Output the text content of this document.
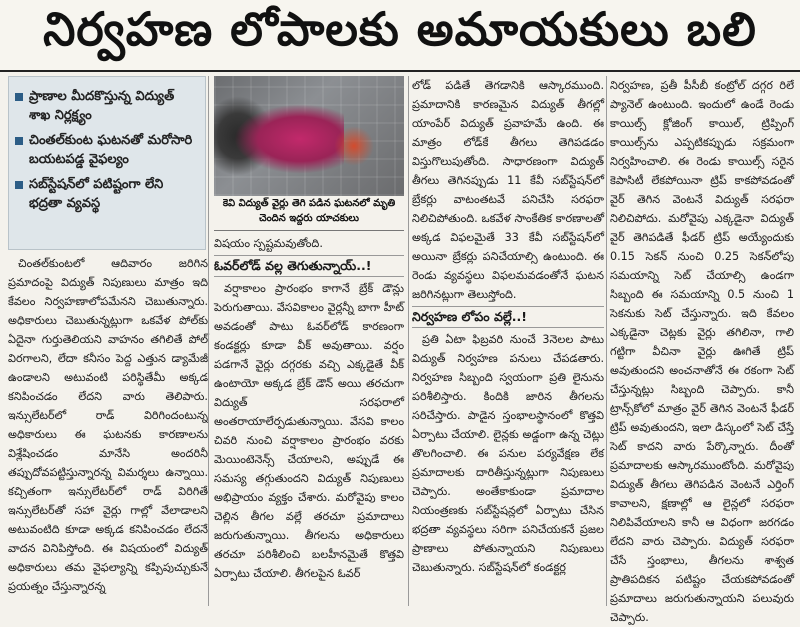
నిర్వహణ లోపాలకు అమాయకులు బలి
ప్రాణాల మీదకొస్తున్న విద్యుత్ శాఖ నిర్లక్ష్యం
చింతల్‌కుంట ఘటనతో మరోసారి బయటపడ్డ వైఫల్యం
సబ్‌స్టేషన్‌లో పటిష్టంగా లేని భద్రతా వ్యవస్థ

చింతల్‌కుంటలో ఆదివారం జరిగిన ప్రమాదంపై విద్యుత్ నిపుణులు మాత్రం ఇది కేవలం నిర్వహణాలోపమేనని చెబుతున్నారు. అధికారులు చెబుతున్నట్లుగా ఒకవేళ పోల్‌కు ఏదైనా గుర్తుతెలియని వాహనం తగిలితే పోల్ విరగాలని, లేదా కనీసం పెద్ద ఎత్తున డ్యామేజీ ఉండాలని అటువంటి పరిస్థితేమీ అక్కడ కనిపించడం లేదని వారు తెలిపారు. ఇన్సులేటర్‌లో రాడ్ విరిగిందంటున్న అధికారులు ఈ ఘటనకు కారణాలను విశ్లేషించడం మానేసి అందరినీ తప్పుదోవపట్టిస్తున్నారన్న విమర్శలు ఉన్నాయి. కచ్చితంగా ఇన్సులేటర్‌లో రాడ్ విరిగితే ఇన్సులేటర్‌తో సహా వైర్లు గాల్లో వేలాడాలని అటువంటిది కూడా అక్కడ కనిపించడం లేదనే వాదన వినిపిస్తోంది. ఈ విషయంలో విద్యుత్ అధికారులు తమ వైఫల్యాన్ని కప్పిపుచ్చుకునే ప్రయత్నం చేస్తున్నారన్న

కెవి విద్యుత్ వైర్లు తెగి పడిన ఘటనలో మృతి చెందిన ఇద్దరు యాచకులు

విషయం స్పష్టమవుతోంది.

ఓవర్‌లోడ్ వల్ల తెగుతున్నాయ్..!

వర్షాకాలం ప్రారంభం కాగానే బ్రేక్ డౌన్లు పెరుగుతాయి. వేసవికాలం వైర్లన్నీ బాగా హీట్ అవడంతో పాటు ఓవర్‌లోడ్ కారణంగా కండక్టర్లు కూడా వీక్ అవుతాయి. వర్షం పడగానే వైర్లు దగ్గరకు వచ్చి ఎక్కడైతే వీక్ ఉంటాయో అక్కడ బ్రేక్ డౌన్ అయి తరచుగా విద్యుత్ సరఫరాలో అంతరాయాలేర్పడుతున్నాయి. వేసవి కాలం చివరి నుంచి వర్షాకాలం ప్రారంభం వరకు మెయింటెనెన్స్ చేయాలని, అప్పుడే ఈ సమస్య తగ్గుతుందని విద్యుత్ నిపుణులు అభిప్రాయం వ్యక్తం చేశారు. మరోవైపు కాలం చెల్లిన తీగల వల్లే తరచూ ప్రమాదాలు జరుగుతున్నాయి. తీగలను అధికారులు తరచూ పరిశీలించి బలహీనమైతే కొత్తవి ఏర్పాటు చేయాలి. తీగలపైన ఓవర్

లోడ్ పడితే తెగడానికి ఆస్కారముంది. ప్రమాదానికి కారణమైన విద్యుత్ తీగల్లో యాంపేర్ విద్యుత్ ప్రవాహమే ఉంది. ఈ మాత్రం లోడ్‌కే తీగలు తెగిపడడం విస్తుగొలుపుతోంది. సాధారణంగా విద్యుత్ తీగలు తెగినప్పుడు 11 కేవీ సబ్‌స్టేషన్‌లో బ్రేకర్లు వాటంతటవే పనిచేసి సరఫరా నిలిచిపోతుంది. ఒకవేళ సాంకేతిక కారణాలతో అక్కడ విఫలమైతే 33 కేవీ సబ్‌స్టేషన్‌లో అయినా బ్రేకర్లు పనిచేయాల్సి ఉంటుంది. ఈ రెండు వ్యవస్థలు విఫలమవడంతోనే ఘటన జరిగినట్లుగా తెలుస్తోంది.

నిర్వహణ లోపం వల్లే..!

ప్రతి ఏటా ఫిబ్రవరి నుంచే 3నెలల పాటు విద్యుత్ నిర్వహణ పనులు చేపడతారు. నిర్వహణ సిబ్బంది స్వయంగా ప్రతి లైనును పరిశీలిస్తారు. కిందికి జారిన తీగలను సరిచేస్తారు. పాడైన స్తంభాలస్థానంలో కొత్తవి ఏర్పాటు చేయాలి. లైన్లకు అడ్డంగా ఉన్న చెట్లు తొలగించాలి. ఈ పనుల పర్యవేక్షణ లేక ప్రమాదాలకు దారితీస్తున్నట్లుగా నిపుణులు చెప్పారు. అంతేకాకుండా ప్రమాదాల నియంత్రణకు సబ్‌స్టేషన్లలో ఏర్పాటు చేసిన భద్రతా వ్యవస్థలు సరిగా పనిచేయకనే ప్రజల ప్రాణాలు పోతున్నాయని నిపుణులు చెబుతున్నారు. సబ్‌స్టేషన్‌లో కండక్టర్ల

నిర్వహణ, ప్రతీ పీసీబీ కంట్రోల్ దగ్గర రిలే ప్యానెల్ ఉంటుంది. ఇందులో ఉండే రెండు కాయిల్స్ క్లోజింగ్ కాయిల్, ట్రిప్పింగ్ కాయిల్స్‌ను ఎప్పటికప్పుడు సక్రమంగా నిర్వహించాలి. ఈ రెండు కాయిల్స్ సరైన కెపాసిటీ లేకపోయినా ట్రిప్ కాకపోవడంతో వైర్ తెగిన వెంటనే విద్యుత్ సరఫరా నిలిచిపోదు. మరోవైపు ఎక్కడైనా విద్యుత్ వైర్ తెగిపడితే ఫీడర్ ట్రిప్ అయ్యేందుకు 0.15 సెకన్ నుంచి 0.25 సెకన్‌లోపు సమయాన్ని సెట్ చేయాల్సి ఉండగా సిబ్బంది ఈ సమయాన్ని 0.5 నుంచి 1 సెకనుకు సెట్ చేస్తున్నారు. ఇది కేవలం ఎక్కడైనా చెట్లకు వైర్లు తగిలినా, గాలి గట్టిగా వీచినా వైర్లు ఊగితే ట్రిప్ అవుతుందని అంచనాతోనే ఈ రకంగా సెట్ చేస్తున్నట్లు సిబ్బంది చెప్పారు. కానీ ట్రాన్స్‌కోలో మాత్రం వైర్ తెగిన వెంటనే ఫీడర్ ట్రిప్ అవుతుందని, ఇలా డిస్కంలో సెట్ చేస్తే సెట్ కాదని వారు పేర్కొన్నారు. దీంతో ప్రమాదాలకు ఆస్కారముంటోంది. మరోవైపు విద్యుత్ తీగలు తెగిపడిన వెంటనే ఎర్తింగ్ కావాలని, క్షణాల్లో ఆ లైన్లలో సరఫరా నిలిపివేయాలని కానీ ఆ విధంగా జరగడం లేదని వారు చెప్పారు. విద్యుత్ సరఫరా చేసే స్తంభాలు, తీగలను శాశ్వత ప్రాతిపదికన పటిష్టం చేయకపోవడంతో ప్రమాదాలు జరుగుతున్నాయని పలువురు చెప్పారు.
